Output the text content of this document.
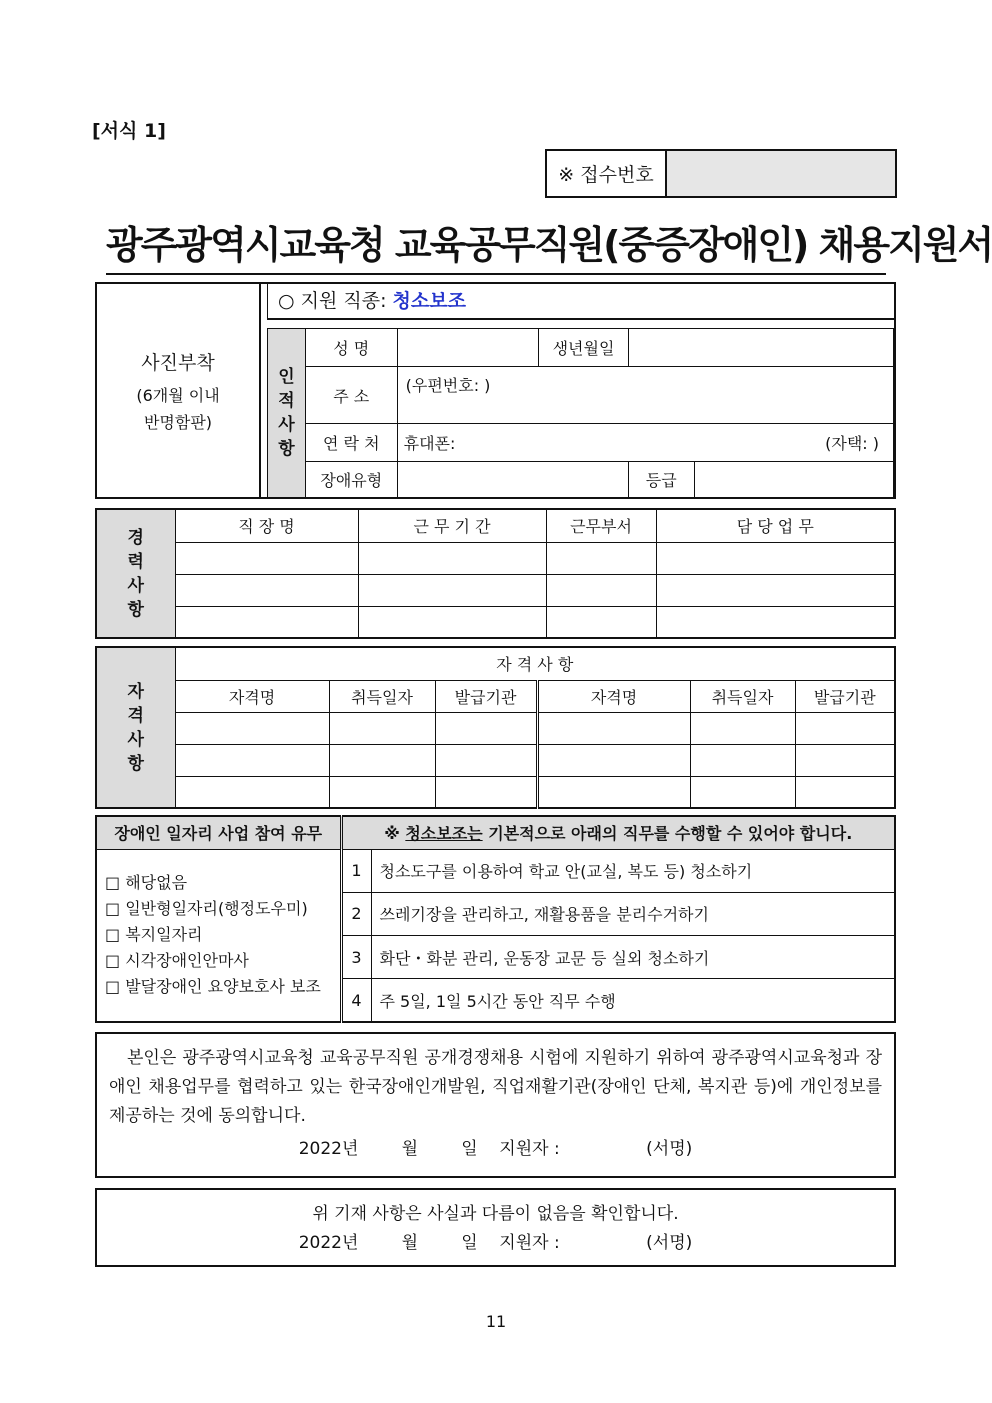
[서식 1]
※ 접수번호
광주광역시교육청 교육공무직원(중증장애인) 채용지원서
사진부착
(6개월 이내
반명함판)
○ 지원 직종: 청소보조
인
적
사
항	성 명		생년월일		
	주 소	(우편번호: )			
	연 락 처	휴대폰: (자택: )			

	장애유형			등급	
경
력
사
항	직 장 명	근 무 기 간	근무부서	담 당 업 무

자
격
사
항	자 격 사 항					
	자격명	취득일자	발급기관	자격명	취득일자	발급기관

장애인 일자리 사업 참여 유무	※ 청소보조는 기본적으로 아래의 직무를 수행할 수 있어야 합니다.	

□ 해당없음
□ 일반형일자리(행정도우미)
□ 복지일자리
□ 시각장애인안마사
□ 발달장애인 요양보호사 보조	1	청소도구를 이용하여 학교 안(교실, 복도 등) 청소하기
	2	쓰레기장을 관리하고, 재활용품을 분리수거하기
	3	화단・화분 관리, 운동장 교문 등 실외 청소하기
	4	주 5일, 1일 5시간 동안 직무 수행
본인은 광주광역시교육청 교육공무직원 공개경쟁채용 시험에 지원하기 위하여 광주광역시교육청과 장애인 채용업무를 협력하고 있는 한국장애인개발원, 직업재활기관(장애인 단체, 복지관 등)에 개인정보를 제공하는 것에 동의합니다.
2022년        월        일    지원자 :                (서명)
위 기재 사항은 사실과 다름이 없음을 확인합니다.
2022년        월        일    지원자 :                (서명)
11
